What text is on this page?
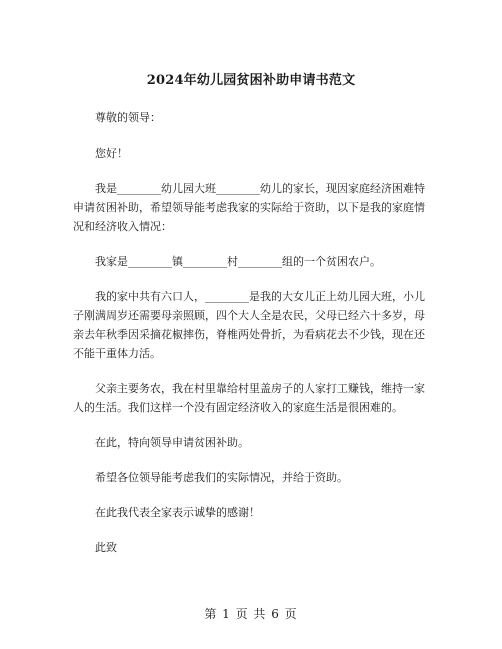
2024年幼儿园贫困补助申请书范文

尊敬的领导：

您好！

我是________幼儿园大班________幼儿的家长，现因家庭经济困难特申请贫困补助，希望领导能考虑我家的实际给于资助，以下是我的家庭情况和经济收入情况：

我家是________镇________村________组的一个贫困农户。

我的家中共有六口人，________是我的大女儿正上幼儿园大班，小儿子刚满周岁还需要母亲照顾，四个大人全是农民，父母已经六十多岁，母亲去年秋季因采摘花椒摔伤，脊椎两处骨折，为看病花去不少钱，现在还不能干重体力活。

父亲主要务农，我在村里靠给村里盖房子的人家打工赚钱，维持一家人的生活。我们这样一个没有固定经济收入的家庭生活是很困难的。

在此，特向领导申请贫困补助。

希望各位领导能考虑我们的实际情况，并给于资助。

在此我代表全家表示诚挚的感谢！

此致

第 1 页 共 6 页
